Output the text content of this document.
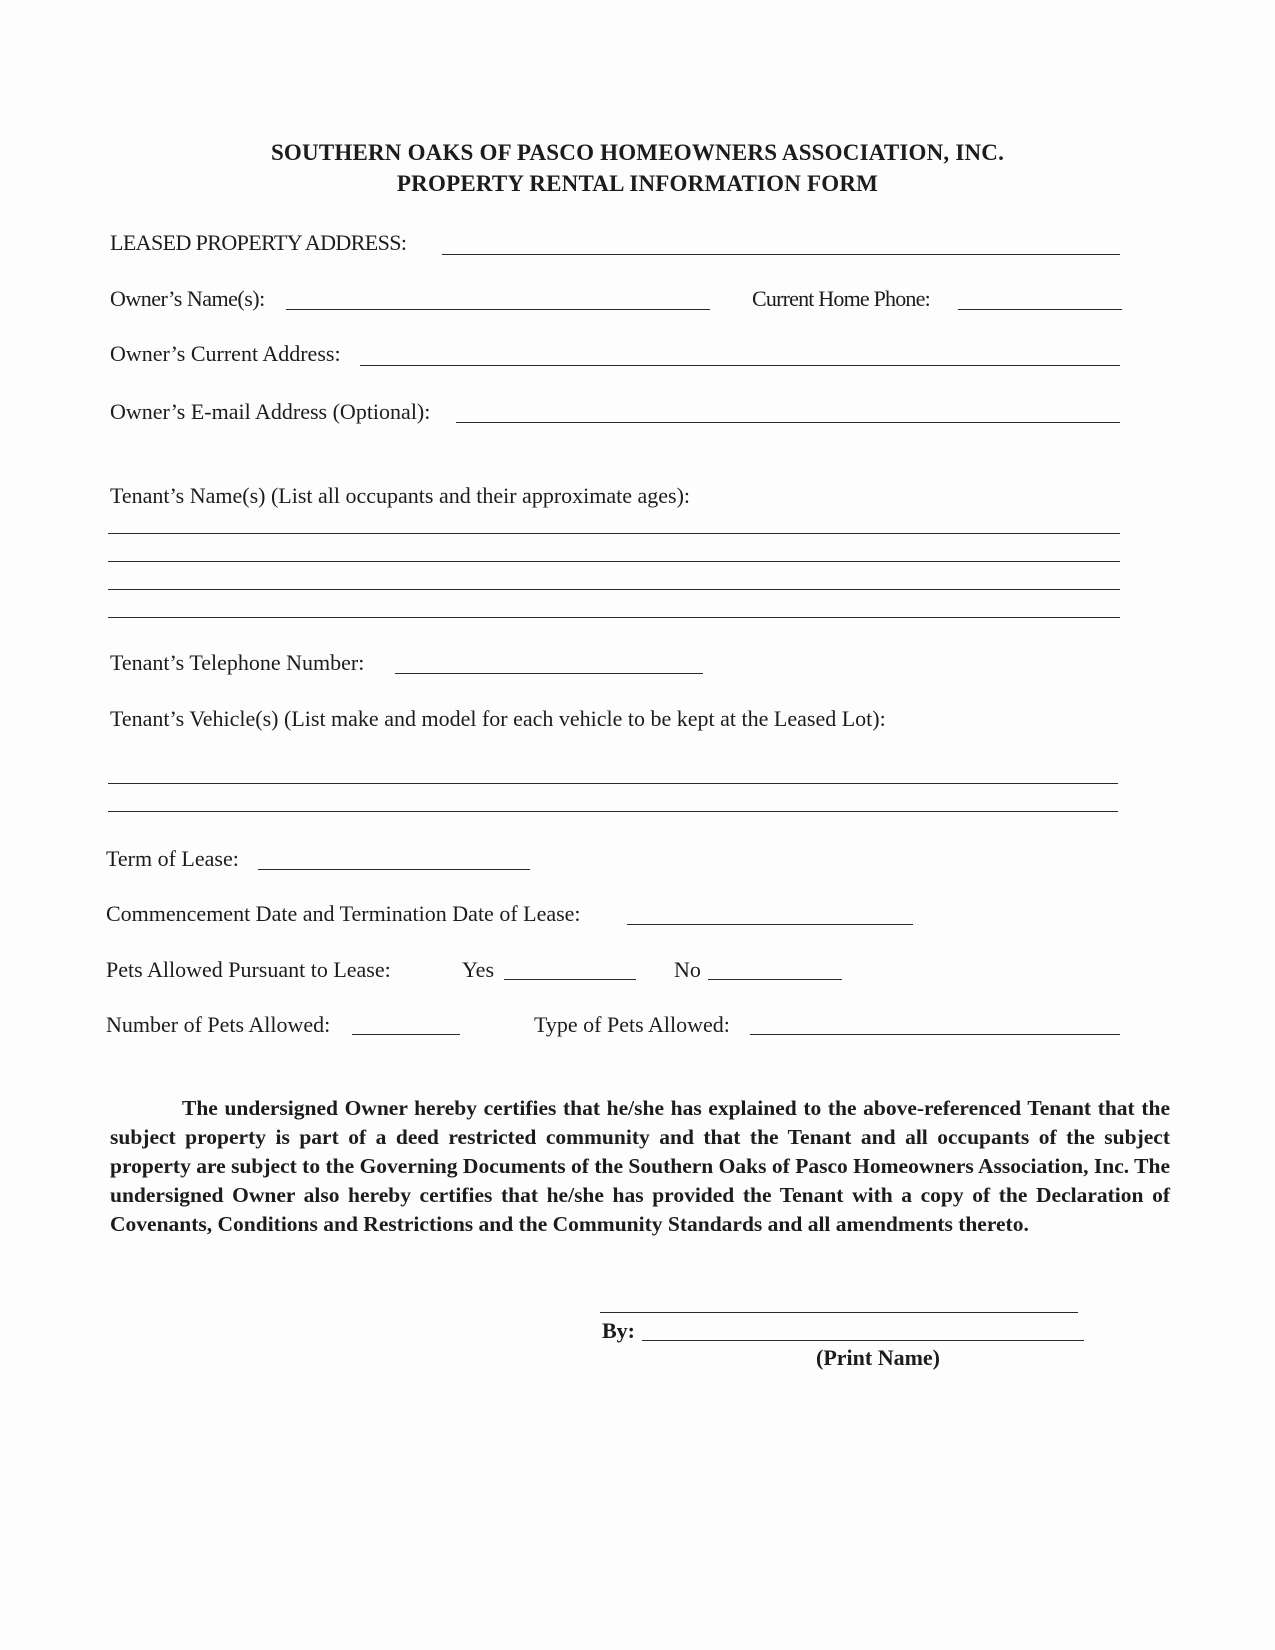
SOUTHERN OAKS OF PASCO HOMEOWNERS ASSOCIATION, INC.
PROPERTY RENTAL INFORMATION FORM
LEASED PROPERTY ADDRESS:
Owner’s Name(s):	Current Home Phone:
Owner’s Current Address:
Owner’s E-mail Address (Optional):
Tenant’s Name(s) (List all occupants and their approximate ages):
Tenant’s Telephone Number:
Tenant’s Vehicle(s) (List make and model for each vehicle to be kept at the Leased Lot):
Term of Lease:
Commencement Date and Termination Date of Lease:
Pets Allowed Pursuant to Lease:	Yes	No
Number of Pets Allowed:	Type of Pets Allowed:
The undersigned Owner hereby certifies that he/she has explained to the above-referenced Tenant that the subject property is part of a deed restricted community and that the Tenant and all occupants of the subject property are subject to the Governing Documents of the Southern Oaks of Pasco Homeowners Association, Inc. The undersigned Owner also hereby certifies that he/she has provided the Tenant with a copy of the Declaration of Covenants, Conditions and Restrictions and the Community Standards and all amendments thereto.
By:
(Print Name)
